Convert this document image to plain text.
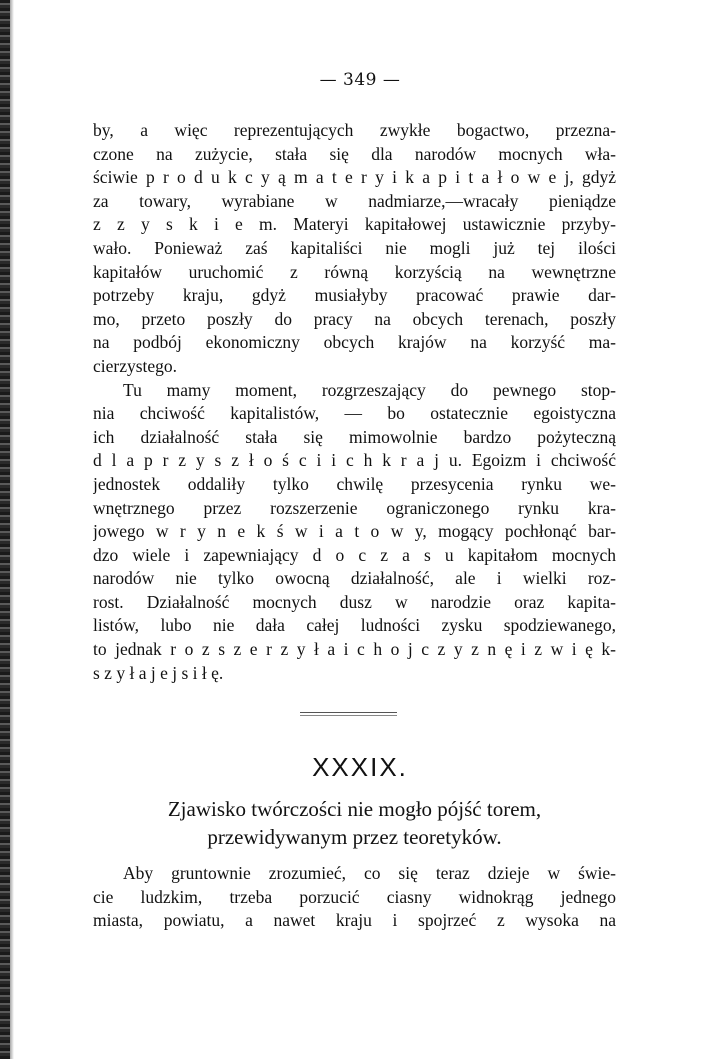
— 349 —

by, a więc reprezentujących zwykłe bogactwo, przezna-
czone na zużycie, stała się dla narodów mocnych wła-
ściwie p r o d u k c y ą m a t e r y i k a p i t a ł o w e j, gdyż
za towary, wyrabiane w nadmiarze,—wracały pieniądze
z z y s k i e m. Materyi kapitałowej ustawicznie przyby-
wało. Ponieważ zaś kapitaliści nie mogli już tej ilości
kapitałów uruchomić z równą korzyścią na wewnętrzne
potrzeby kraju, gdyż musiałyby pracować prawie dar-
mo, przeto poszły do pracy na obcych terenach, poszły
na podbój ekonomiczny obcych krajów na korzyść ma-
cierzystego.

Tu mamy moment, rozgrzeszający do pewnego stop-
nia chciwość kapitalistów, — bo ostatecznie egoistyczna
ich działalność stała się mimowolnie bardzo pożyteczną
d l a p r z y s z ł o ś c i i c h k r a j u. Egoizm i chciwość
jednostek oddaliły tylko chwilę przesycenia rynku we-
wnętrznego przez rozszerzenie ograniczonego rynku kra-
jowego w r y n e k ś w i a t o w y, mogący pochłonąć bar-
dzo wiele i zapewniający d o c z a s u kapitałom mocnych
narodów nie tylko owocną działalność, ale i wielki roz-
rost. Działalność mocnych dusz w narodzie oraz kapita-
listów, lubo nie dała całej ludności zysku spodziewanego,
to jednak r o z s z e r z y ł a i c h o j c z y z n ę i z w i ę k-
s z y ł a j e j s i ł ę.

XXXIX.
Zjawisko twórczości nie mogło pójść torem,
przewidywanym przez teoretyków.

Aby gruntownie zrozumieć, co się teraz dzieje w świe-
cie ludzkim, trzeba porzucić ciasny widnokrąg jednego
miasta, powiatu, a nawet kraju i spojrzeć z wysoka na
